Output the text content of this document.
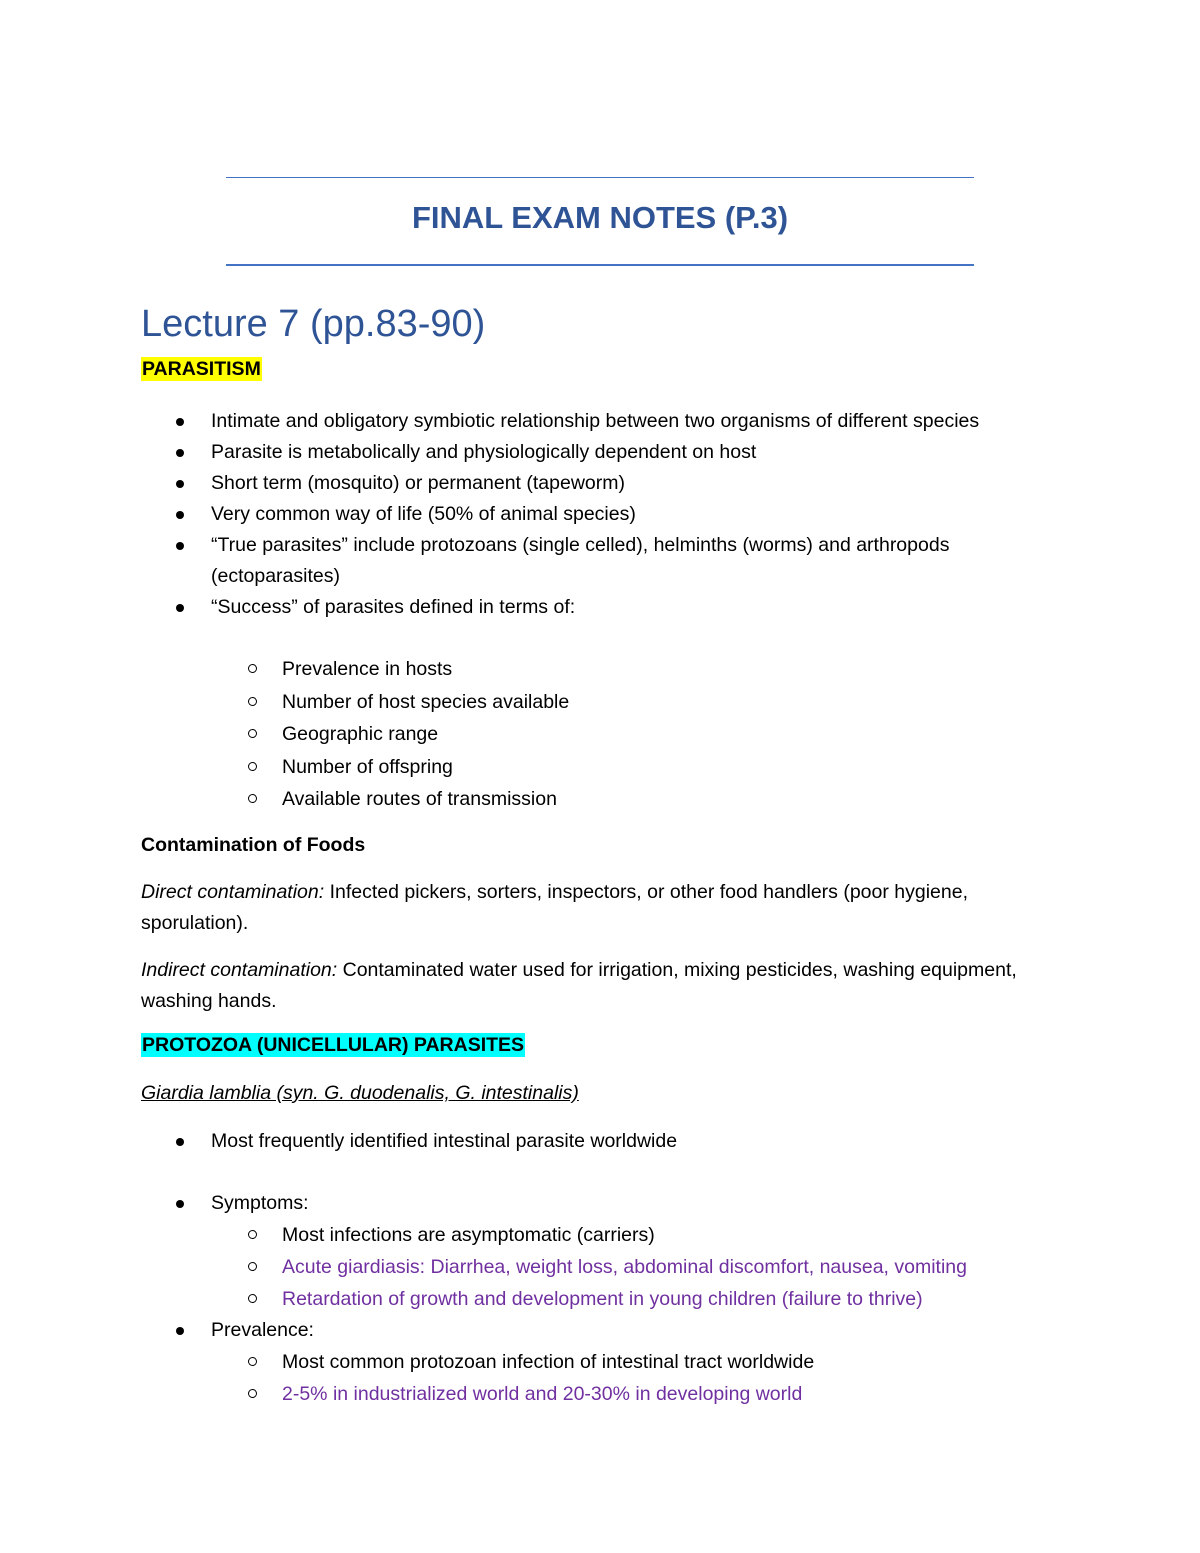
FINAL EXAM NOTES (P.3)
Lecture 7 (pp.83-90)
PARASITISM
Intimate and obligatory symbiotic relationship between two organisms of different species
Parasite is metabolically and physiologically dependent on host
Short term (mosquito) or permanent (tapeworm)
Very common way of life (50% of animal species)
“True parasites” include protozoans (single celled), helminths (worms) and arthropods (ectoparasites)
“Success” of parasites defined in terms of:
Prevalence in hosts
Number of host species available
Geographic range
Number of offspring
Available routes of transmission
Contamination of Foods
Direct contamination: Infected pickers, sorters, inspectors, or other food handlers (poor hygiene, sporulation).
Indirect contamination: Contaminated water used for irrigation, mixing pesticides, washing equipment, washing hands.
PROTOZOA (UNICELLULAR) PARASITES
Giardia lamblia (syn. G. duodenalis, G. intestinalis)
Most frequently identified intestinal parasite worldwide
Symptoms:
Most infections are asymptomatic (carriers)
Acute giardiasis: Diarrhea, weight loss, abdominal discomfort, nausea, vomiting
Retardation of growth and development in young children (failure to thrive)
Prevalence:
Most common protozoan infection of intestinal tract worldwide
2-5% in industrialized world and 20-30% in developing world
